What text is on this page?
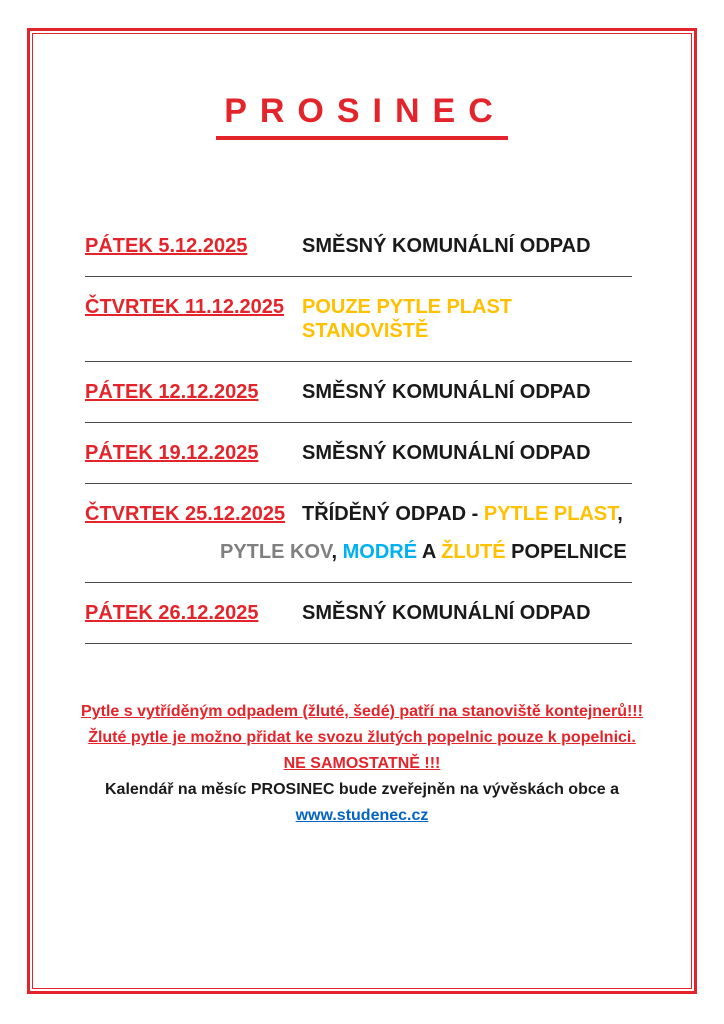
PROSINEC
PÁTEK 5.12.2025	SMĚSNÝ KOMUNÁLNÍ ODPAD
ČTVRTEK 11.12.2025 POUZE PYTLE PLAST STANOVIŠTĚ
PÁTEK 12.12.2025	SMĚSNÝ KOMUNÁLNÍ ODPAD
PÁTEK 19.12.2025	SMĚSNÝ KOMUNÁLNÍ ODPAD
ČTVRTEK 25.12.2025 TŘÍDĚNÝ ODPAD - PYTLE PLAST,
PYTLE KOV, MODRÉ A ŽLUTÉ POPELNICE
PÁTEK 26.12.2025	SMĚSNÝ KOMUNÁLNÍ ODPAD
Pytle s vytříděným odpadem (žluté, šedé) patří na stanoviště kontejnerů!!!
Žluté pytle je možno přidat ke svozu žlutých popelnic pouze k popelnici.
NE SAMOSTATNĚ !!!
Kalendář na měsíc PROSINEC bude zveřejněn na vývěskách obce a
www.studenec.cz
